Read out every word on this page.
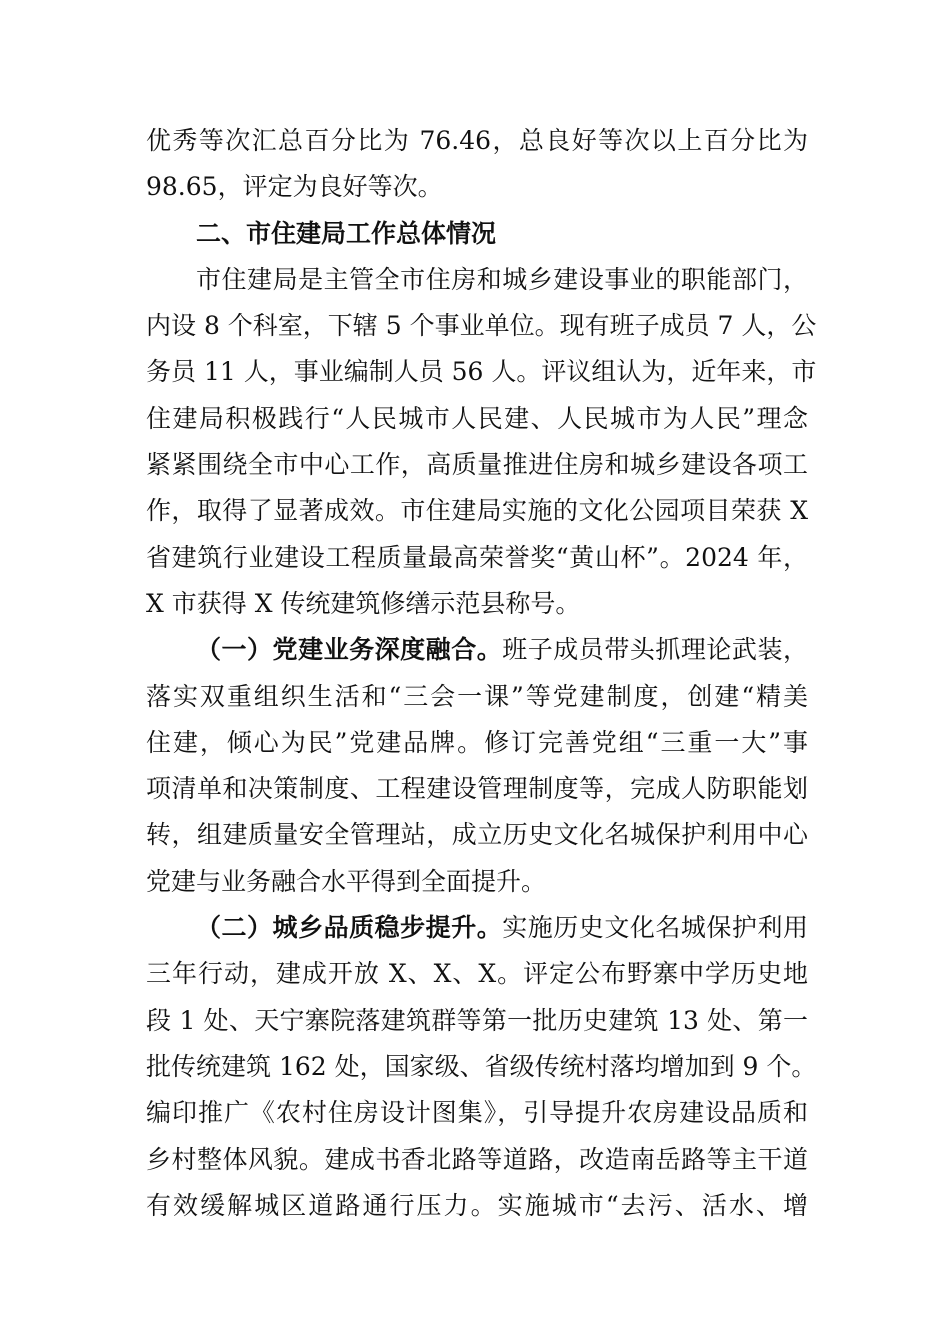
优秀等次汇总百分比为 76.46，总良好等次以上百分比为
98.65，评定为良好等次。
二、市住建局工作总体情况
市住建局是主管全市住房和城乡建设事业的职能部门，
内设 8 个科室，下辖 5 个事业单位。现有班子成员 7 人，公
务员 11 人，事业编制人员 56 人。评议组认为，近年来，市
住建局积极践行“人民城市人民建、人民城市为人民”理念
紧紧围绕全市中心工作，高质量推进住房和城乡建设各项工
作，取得了显著成效。市住建局实施的文化公园项目荣获 X
省建筑行业建设工程质量最高荣誉奖“黄山杯”。2024 年，
X 市获得 X 传统建筑修缮示范县称号。
（一）党建业务深度融合。班子成员带头抓理论武装，
落实双重组织生活和“三会一课”等党建制度，创建“精美
住建，倾心为民”党建品牌。修订完善党组“三重一大”事
项清单和决策制度、工程建设管理制度等，完成人防职能划
转，组建质量安全管理站，成立历史文化名城保护利用中心
党建与业务融合水平得到全面提升。
（二）城乡品质稳步提升。实施历史文化名城保护利用
三年行动，建成开放 X、X、X。评定公布野寨中学历史地
段 1 处、天宁寨院落建筑群等第一批历史建筑 13 处、第一
批传统建筑 162 处，国家级、省级传统村落均增加到 9 个。
编印推广《农村住房设计图集》，引导提升农房建设品质和
乡村整体风貌。建成书香北路等道路，改造南岳路等主干道
有效缓解城区道路通行压力。实施城市“去污、活水、增
